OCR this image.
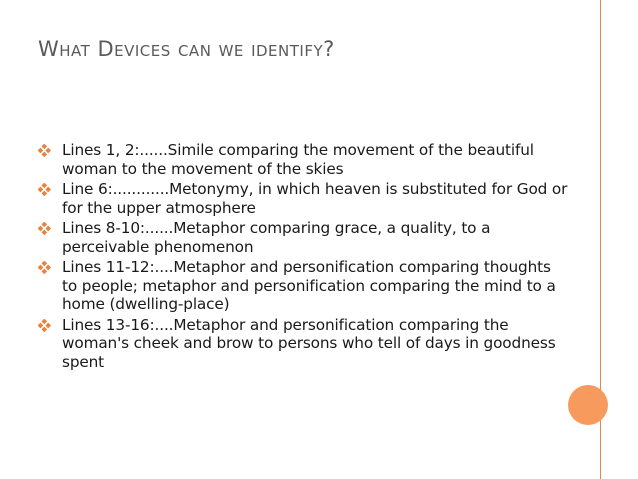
What Devices can we identify?
Lines 1, 2:......Simile comparing the movement of the beautiful woman to the movement of the skies
Line 6:............Metonymy, in which heaven is substituted for God or for the upper atmosphere
Lines 8-10:......Metaphor comparing grace, a quality, to a perceivable phenomenon
Lines 11-12:....Metaphor and personification comparing thoughts to people; metaphor and personification comparing the mind to a home (dwelling-place)
Lines 13-16:....Metaphor and personification comparing the woman's cheek and brow to persons who tell of days in goodness spent
